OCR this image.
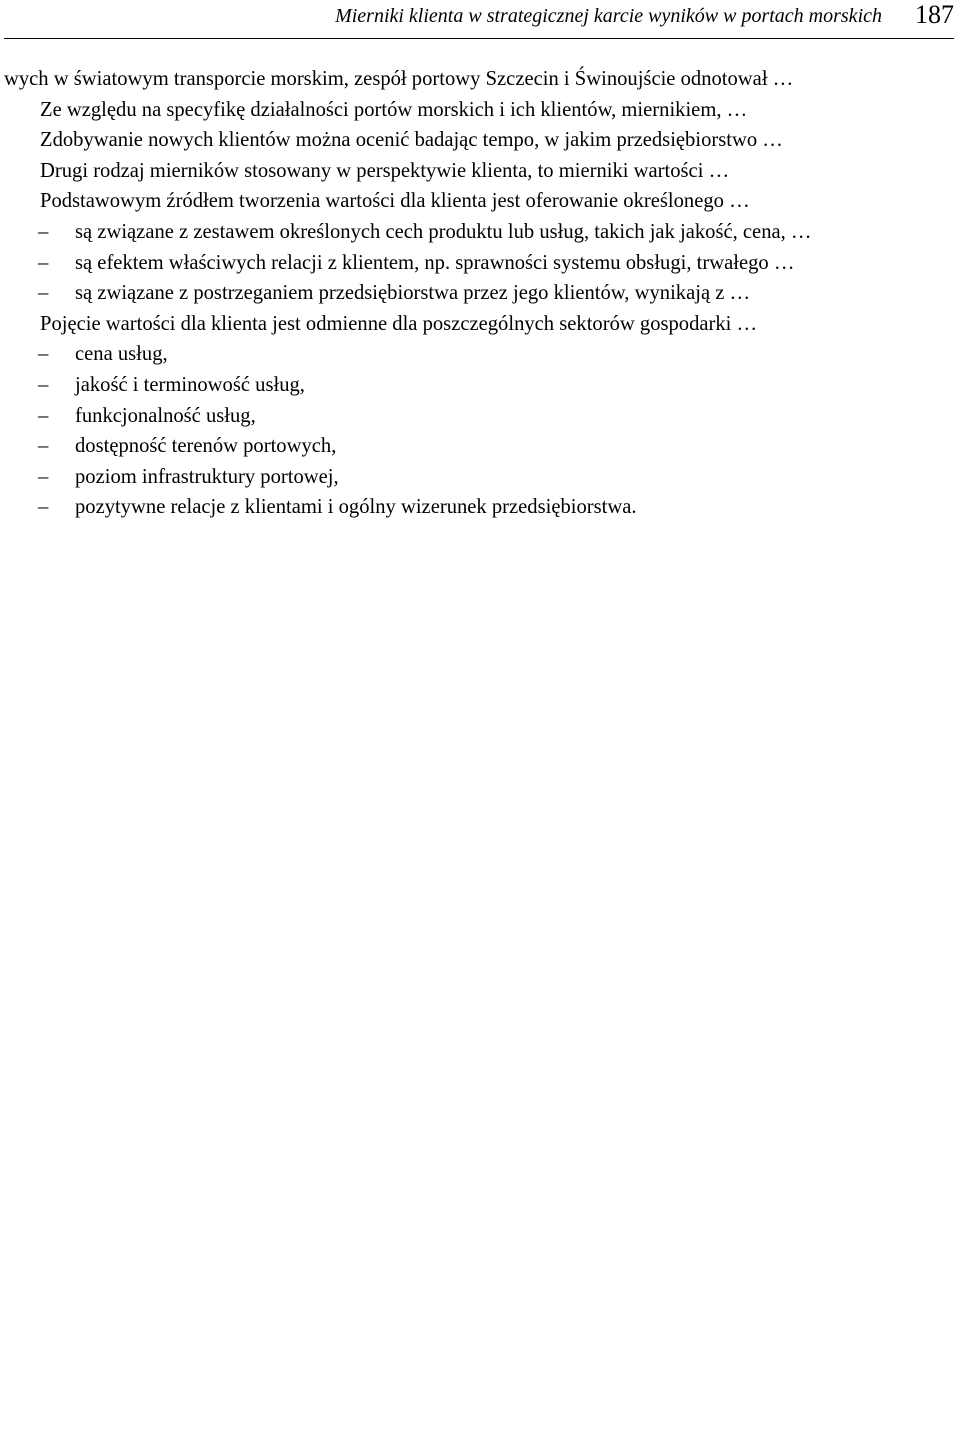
Mierniki klienta w strategicznej karcie wyników w portach morskich 187

wych w światowym transporcie morskim, zespół portowy Szczecin i Świnoujście odnotował …

Ze względu na specyfikę działalności portów morskich i ich klientów, miernikiem, …

Zdobywanie nowych klientów można ocenić badając tempo, w jakim przedsiębiorstwo …

Drugi rodzaj mierników stosowany w perspektywie klienta, to mierniki wartości …

Podstawowym źródłem tworzenia wartości dla klienta jest oferowanie określonego …

– są związane z zestawem określonych cech produktu lub usług, takich jak jakość, cena, …
– są efektem właściwych relacji z klientem, np. sprawności systemu obsługi, trwałego …
– są związane z postrzeganiem przedsiębiorstwa przez jego klientów, wynikają z …

Pojęcie wartości dla klienta jest odmienne dla poszczególnych sektorów gospodarki …

– cena usług,
– jakość i terminowość usług,
– funkcjonalność usług,
– dostępność terenów portowych,
– poziom infrastruktury portowej,
– pozytywne relacje z klientami i ogólny wizerunek przedsiębiorstwa.
